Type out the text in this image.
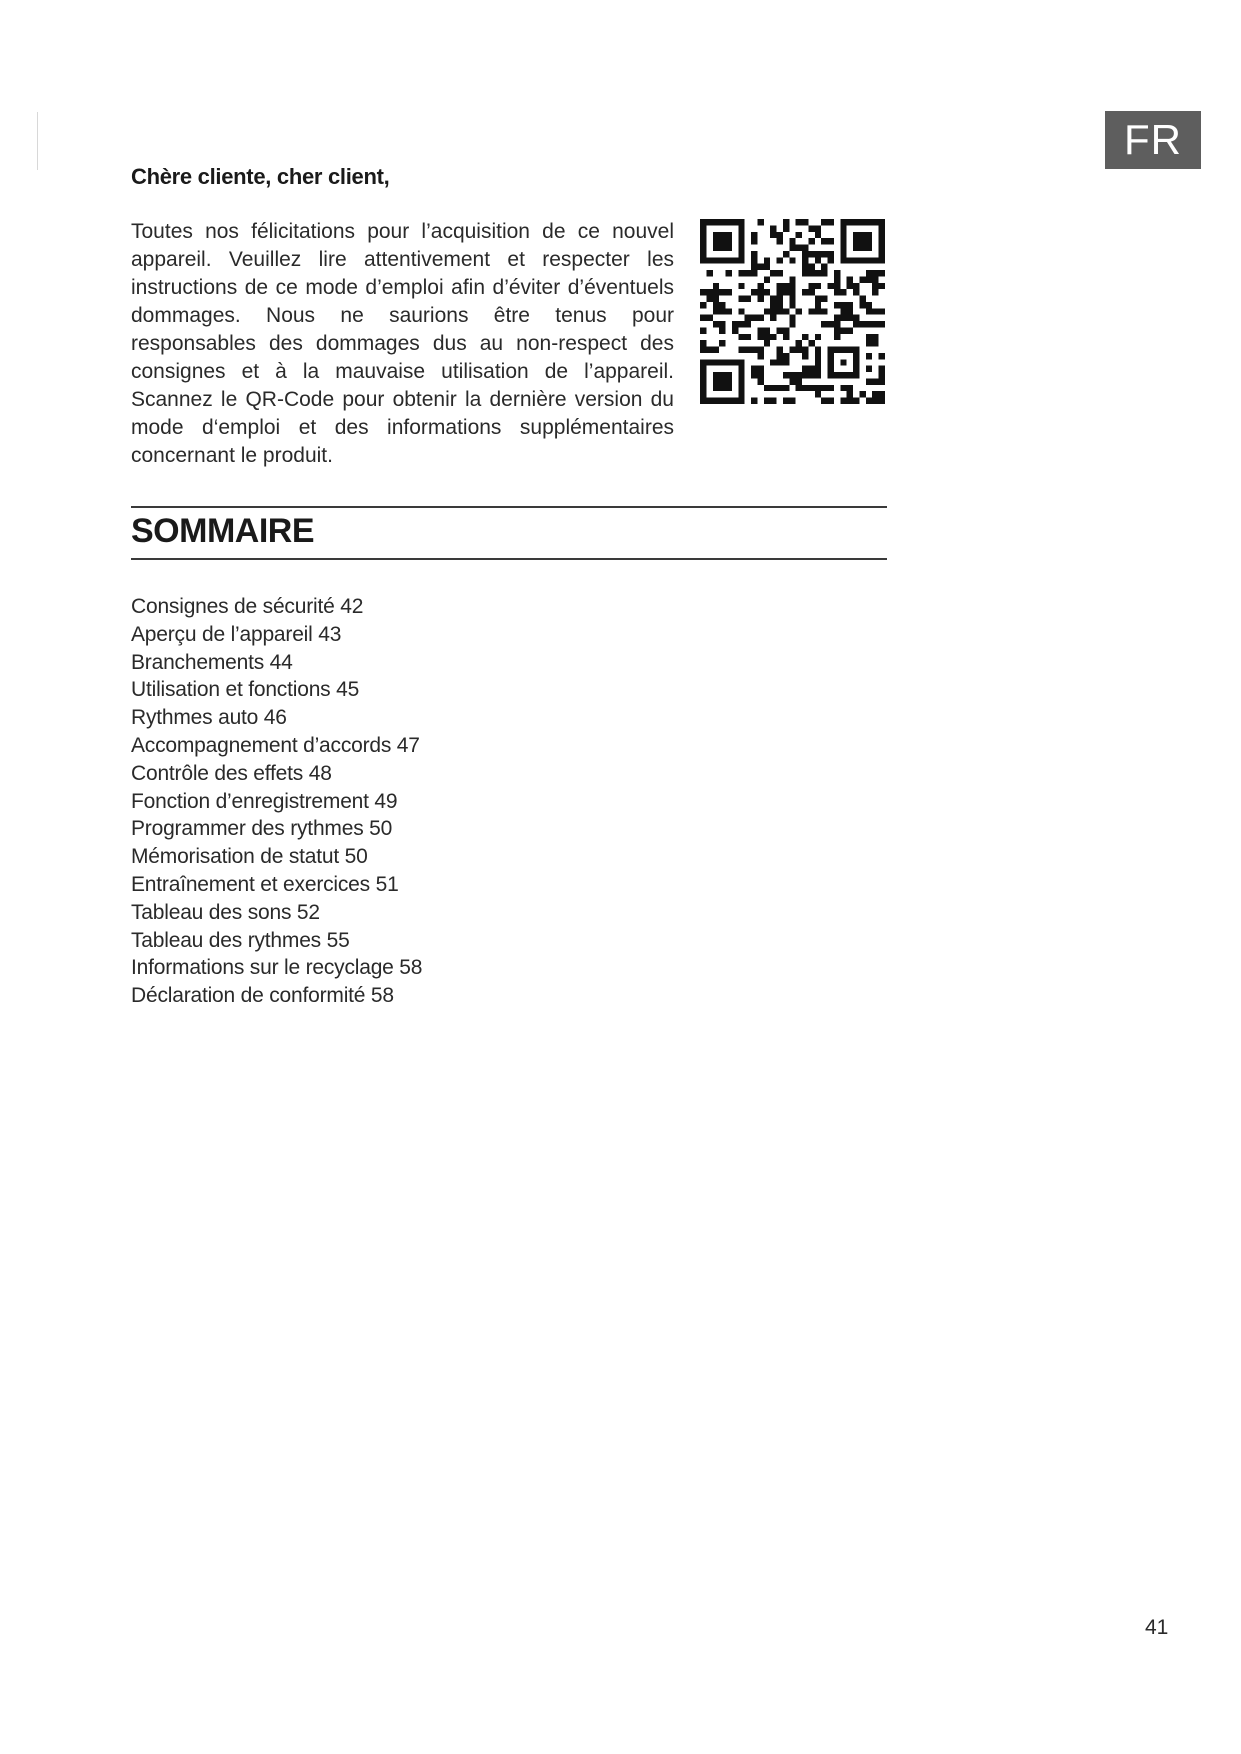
FR
Chère cliente, cher client,

Toutes nos félicitations pour l’acquisition de ce nouvel appareil. Veuillez lire attentivement et respecter les instructions de ce mode d’emploi afin d’éviter d’éventuels dommages. Nous ne saurions être tenus pour responsables des dommages dus au non-respect des consignes et à la mauvaise utilisation de l’appareil. Scannez le QR-Code pour obtenir la dernière version du mode d‘emploi et des informations supplémentaires concernant le produit.

SOMMAIRE
Consignes de sécurité 42
Aperçu de l’appareil 43
Branchements 44
Utilisation et fonctions 45
Rythmes auto 46
Accompagnement d’accords 47
Contrôle des effets 48
Fonction d’enregistrement 49
Programmer des rythmes 50
Mémorisation de statut 50
Entraînement et exercices 51
Tableau des sons 52
Tableau des rythmes 55
Informations sur le recyclage 58
Déclaration de conformité 58
41
